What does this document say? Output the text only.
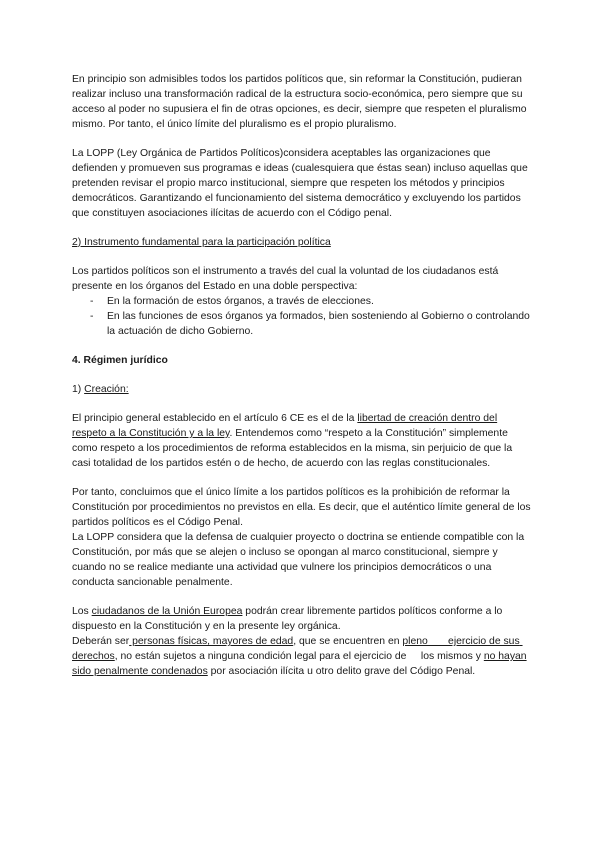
En principio son admisibles todos los partidos políticos que, sin reformar la Constitución, pudieran realizar incluso una transformación radical de la estructura socio-económica, pero siempre que su acceso al poder no supusiera el fin de otras opciones, es decir, siempre que respeten el pluralismo mismo. Por tanto, el único límite del pluralismo es el propio pluralismo.

La LOPP (Ley Orgánica de Partidos Políticos)considera aceptables las organizaciones que defienden y promueven sus programas e ideas (cualesquiera que éstas sean) incluso aquellas que pretenden revisar el propio marco institucional, siempre que respeten los métodos y principios democráticos. Garantizando el funcionamiento del sistema democrático y excluyendo los partidos que constituyen asociaciones ilícitas de acuerdo con el Código penal.

2) Instrumento fundamental para la participación política

Los partidos políticos son el instrumento a través del cual la voluntad de los ciudadanos está presente en los órganos del Estado en una doble perspectiva:

- En la formación de estos órganos, a través de elecciones.
- En las funciones de esos órganos ya formados, bien sosteniendo al Gobierno o controlando la actuación de dicho Gobierno.

4. Régimen jurídico

1) Creación:

El principio general establecido en el artículo 6 CE es el de la libertad de creación dentro del respeto a la Constitución y a la ley. Entendemos como “respeto a la Constitución” simplemente como respeto a los procedimientos de reforma establecidos en la misma, sin perjuicio de que la casi totalidad de los partidos estén o de hecho, de acuerdo con las reglas constitucionales.

Por tanto, concluimos que el único límite a los partidos políticos es la prohibición de reformar la Constitución por procedimientos no previstos en ella. Es decir, que el auténtico límite general de los partidos políticos es el Código Penal.

La LOPP considera que la defensa de cualquier proyecto o doctrina se entiende compatible con la Constitución, por más que se alejen o incluso se opongan al marco constitucional, siempre y cuando no se realice mediante una actividad que vulnere los principios democráticos o una conducta sancionable penalmente.

Los ciudadanos de la Unión Europea podrán crear libremente partidos políticos conforme a lo dispuesto en la Constitución y en la presente ley orgánica.

Deberán ser personas físicas, mayores de edad, que se encuentren en pleno       ejercicio de sus derechos, no están sujetos a ninguna condición legal para el ejercicio de     los mismos y no hayan sido penalmente condenados por asociación ilícita u otro delito grave del Código Penal.
